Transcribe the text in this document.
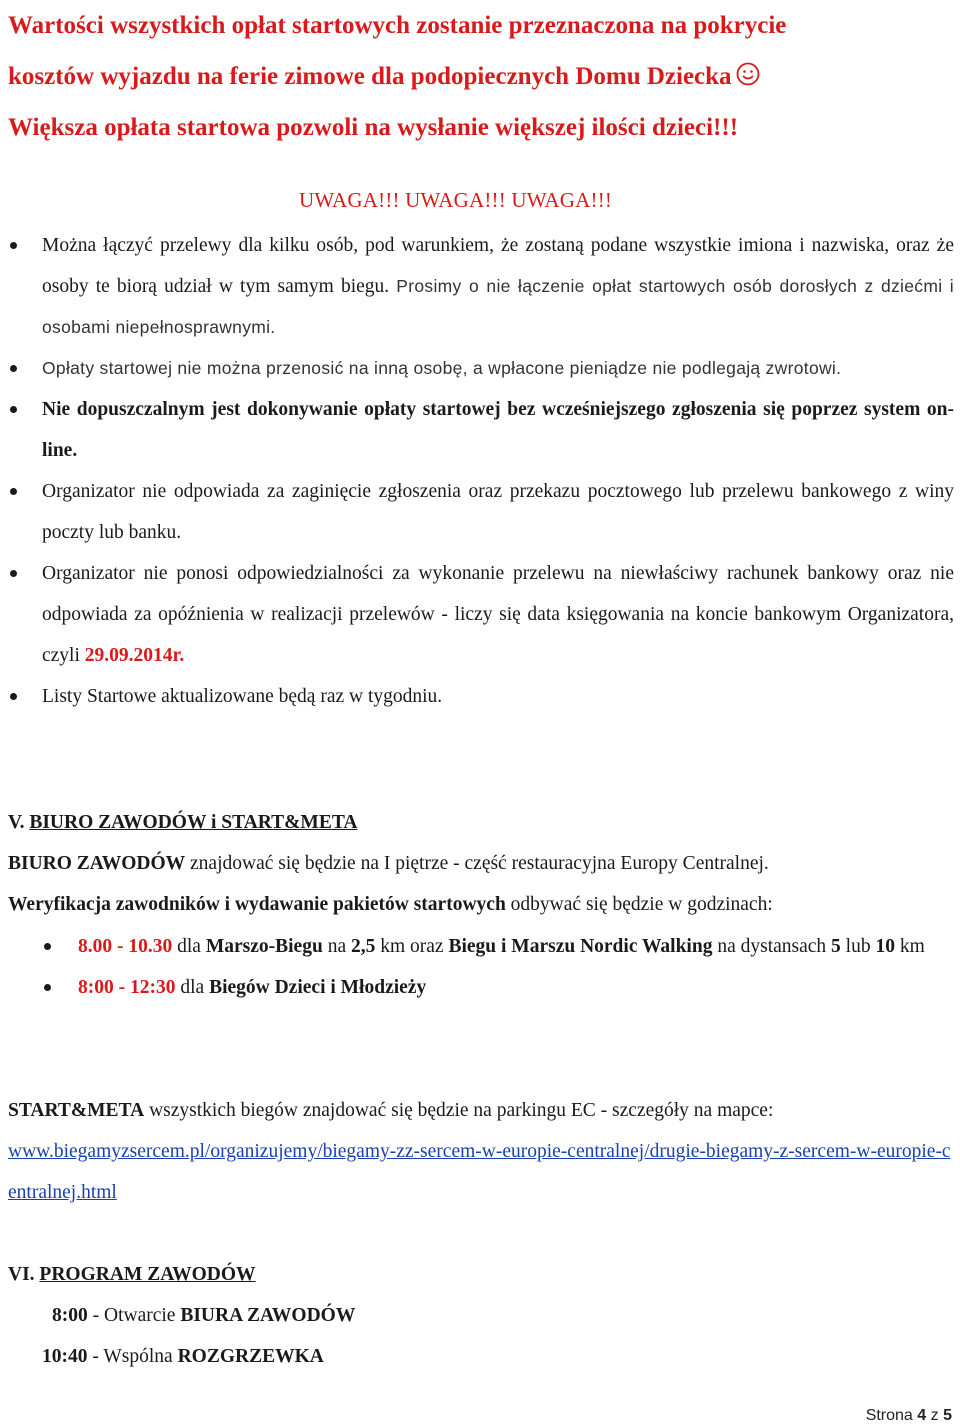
Wartości wszystkich opłat startowych zostanie przeznaczona na pokrycie
kosztów wyjazdu na ferie zimowe dla podopiecznych Domu Dziecka
Większa opłata startowa pozwoli na wysłanie większej ilości dzieci!!!
UWAGA!!! UWAGA!!! UWAGA!!!
Można łączyć przelewy dla kilku osób, pod warunkiem, że zostaną podane wszystkie imiona i nazwiska, oraz że osoby te biorą udział w tym samym biegu. Prosimy o nie łączenie opłat startowych osób dorosłych z dziećmi i osobami niepełnosprawnymi.
Opłaty startowej nie można przenosić na inną osobę, a wpłacone pieniądze nie podlegają zwrotowi.
Nie dopuszczalnym jest dokonywanie opłaty startowej bez wcześniejszego zgłoszenia się poprzez system on-line.
Organizator nie odpowiada za zaginięcie zgłoszenia oraz przekazu pocztowego lub przelewu bankowego z winy poczty lub banku.
Organizator nie ponosi odpowiedzialności za wykonanie przelewu na niewłaściwy rachunek bankowy oraz nie odpowiada za opóźnienia w realizacji przelewów - liczy się data księgowania na koncie bankowym Organizatora, czyli 29.09.2014r.
Listy Startowe aktualizowane będą raz w tygodniu.
V. BIURO ZAWODÓW i START&META
BIURO ZAWODÓW znajdować się będzie na I piętrze - część restauracyjna Europy Centralnej.
Weryfikacja zawodników i wydawanie pakietów startowych odbywać się będzie w godzinach:
8.00 - 10.30 dla Marszo-Biegu na 2,5 km oraz Biegu i Marszu Nordic Walking na dystansach 5 lub 10 km
8:00 - 12:30 dla Biegów Dzieci i Młodzieży
START&META wszystkich biegów znajdować się będzie na parkingu EC - szczegóły na mapce:
www.biegamyzsercem.pl/organizujemy/biegamy-zz-sercem-w-europie-centralnej/drugie-biegamy-z-sercem-w-europie-centralnej.html
VI. PROGRAM ZAWODÓW
8:00 - Otwarcie BIURA ZAWODÓW
10:40 - Wspólna ROZGRZEWKA
Strona 4 z 5
